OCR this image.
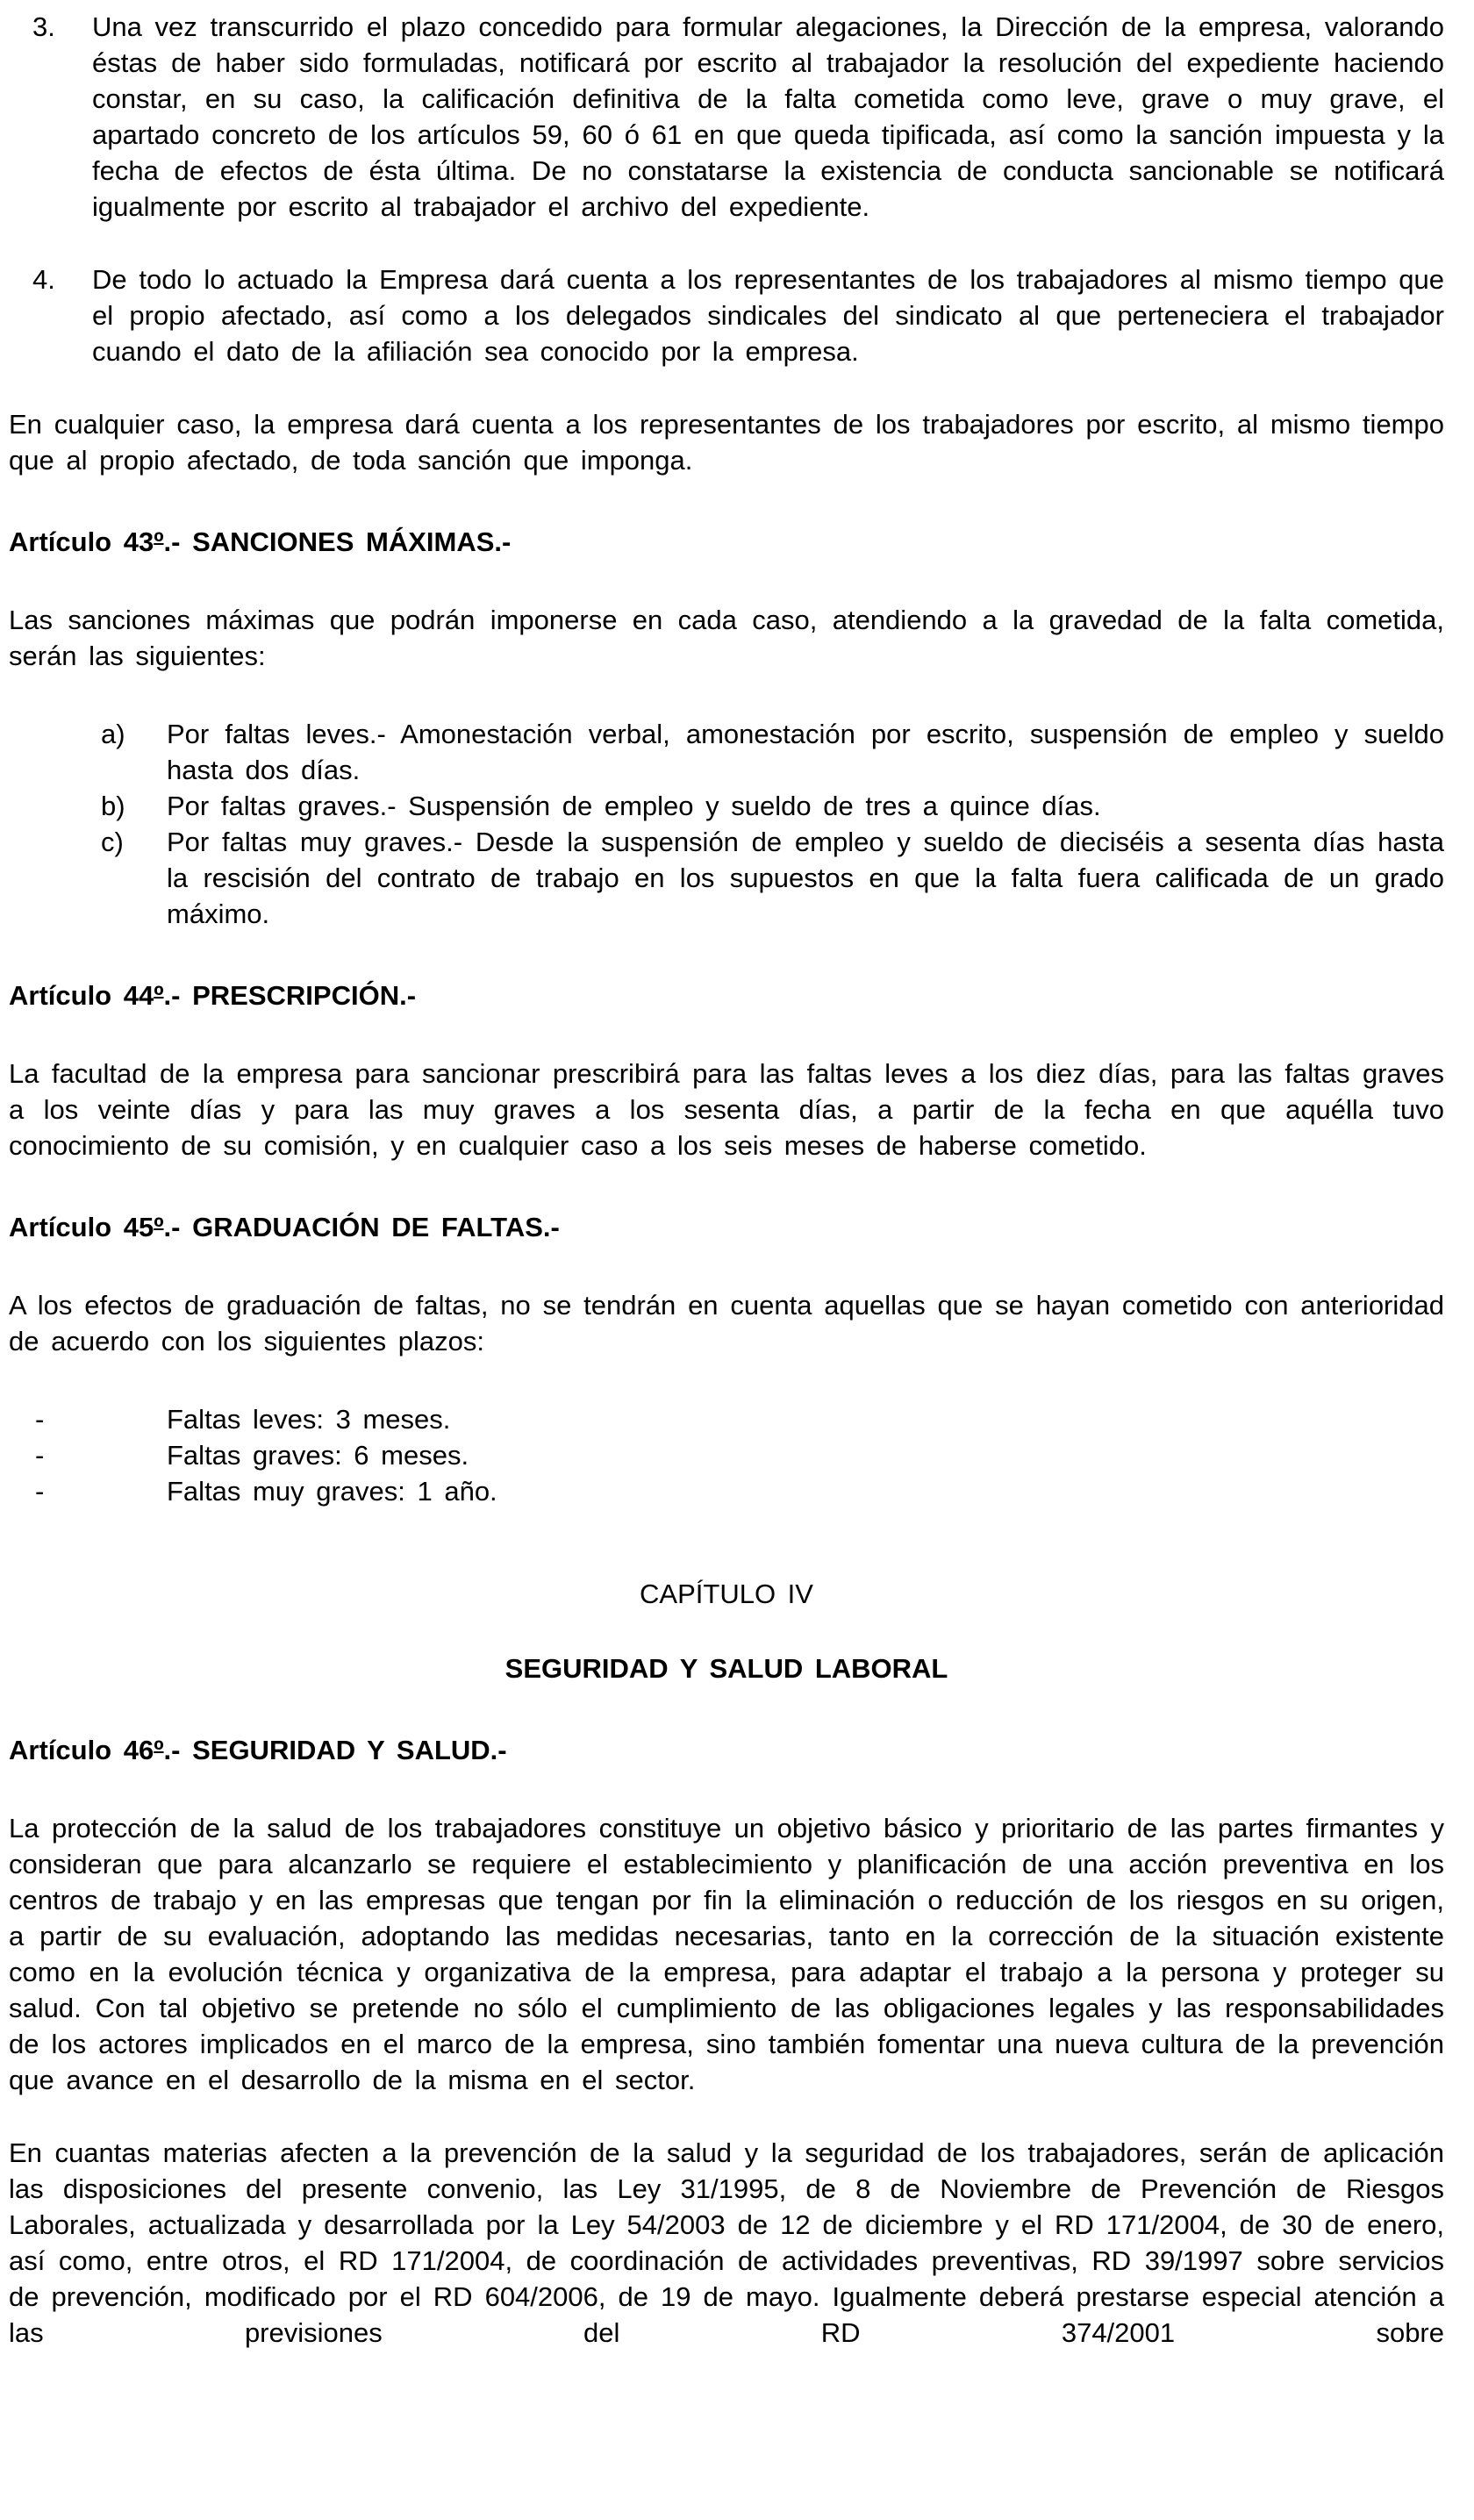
3. Una vez transcurrido el plazo concedido para formular alegaciones, la Dirección de la empresa, valorando éstas de haber sido formuladas, notificará por escrito al trabajador la resolución del expediente haciendo constar, en su caso, la calificación definitiva de la falta cometida como leve, grave o muy grave, el apartado concreto de los artículos 59, 60 ó 61 en que queda tipificada, así como la sanción impuesta y la fecha de efectos de ésta última. De no constatarse la existencia de conducta sancionable se notificará igualmente por escrito al trabajador el archivo del expediente.
4. De todo lo actuado la Empresa dará cuenta a los representantes de los trabajadores al mismo tiempo que el propio afectado, así como a los delegados sindicales del sindicato al que perteneciera el trabajador cuando el dato de la afiliación sea conocido por la empresa.

En cualquier caso, la empresa dará cuenta a los representantes de los trabajadores por escrito, al mismo tiempo que al propio afectado, de toda sanción que imponga.

Artículo 43º.- SANCIONES MÁXIMAS.-

Las sanciones máximas que podrán imponerse en cada caso, atendiendo a la gravedad de la falta cometida, serán las siguientes:

a) Por faltas leves.- Amonestación verbal, amonestación por escrito, suspensión de empleo y sueldo hasta dos días.
b) Por faltas graves.- Suspensión de empleo y sueldo de tres a quince días.
c) Por faltas muy graves.- Desde la suspensión de empleo y sueldo de dieciséis a sesenta días hasta la rescisión del contrato de trabajo en los supuestos en que la falta fuera calificada de un grado máximo.
Artículo 44º.- PRESCRIPCIÓN.-

La facultad de la empresa para sancionar prescribirá para las faltas leves a los diez días, para las faltas graves a los veinte días y para las muy graves a los sesenta días, a partir de la fecha en que aquélla tuvo conocimiento de su comisión, y en cualquier caso a los seis meses de haberse cometido.

Artículo 45º.- GRADUACIÓN DE FALTAS.-

A los efectos de graduación de faltas, no se tendrán en cuenta aquellas que se hayan cometido con anterioridad de acuerdo con los siguientes plazos:

-	Faltas leves: 3 meses.
-	Faltas graves: 6 meses.
-	Faltas muy graves: 1 año.

CAPÍTULO IV

SEGURIDAD Y SALUD LABORAL

Artículo 46º.- SEGURIDAD Y SALUD.-

La protección de la salud de los trabajadores constituye un objetivo básico y prioritario de las partes firmantes y consideran que para alcanzarlo se requiere el establecimiento y planificación de una acción preventiva en los centros de trabajo y en las empresas que tengan por fin la eliminación o reducción de los riesgos en su origen, a partir de su evaluación, adoptando las medidas necesarias, tanto en la corrección de la situación existente como en la evolución técnica y organizativa de la empresa, para adaptar el trabajo a la persona y proteger su salud. Con tal objetivo se pretende no sólo el cumplimiento de las obligaciones legales y las responsabilidades de los actores implicados en el marco de la empresa, sino también fomentar una nueva cultura de la prevención que avance en el desarrollo de la misma en el sector.

En cuantas materias afecten a la prevención de la salud y la seguridad de los trabajadores, serán de aplicación las disposiciones del presente convenio, las Ley 31/1995, de 8 de Noviembre de Prevención de Riesgos Laborales, actualizada y desarrollada por la Ley 54/2003 de 12 de diciembre y el RD 171/2004, de 30 de enero, así como, entre otros, el RD 171/2004, de coordinación de actividades preventivas, RD 39/1997 sobre servicios de prevención, modificado por el RD 604/2006, de 19 de mayo. Igualmente deberá prestarse especial atención a las previsiones del RD 374/2001 sobre
